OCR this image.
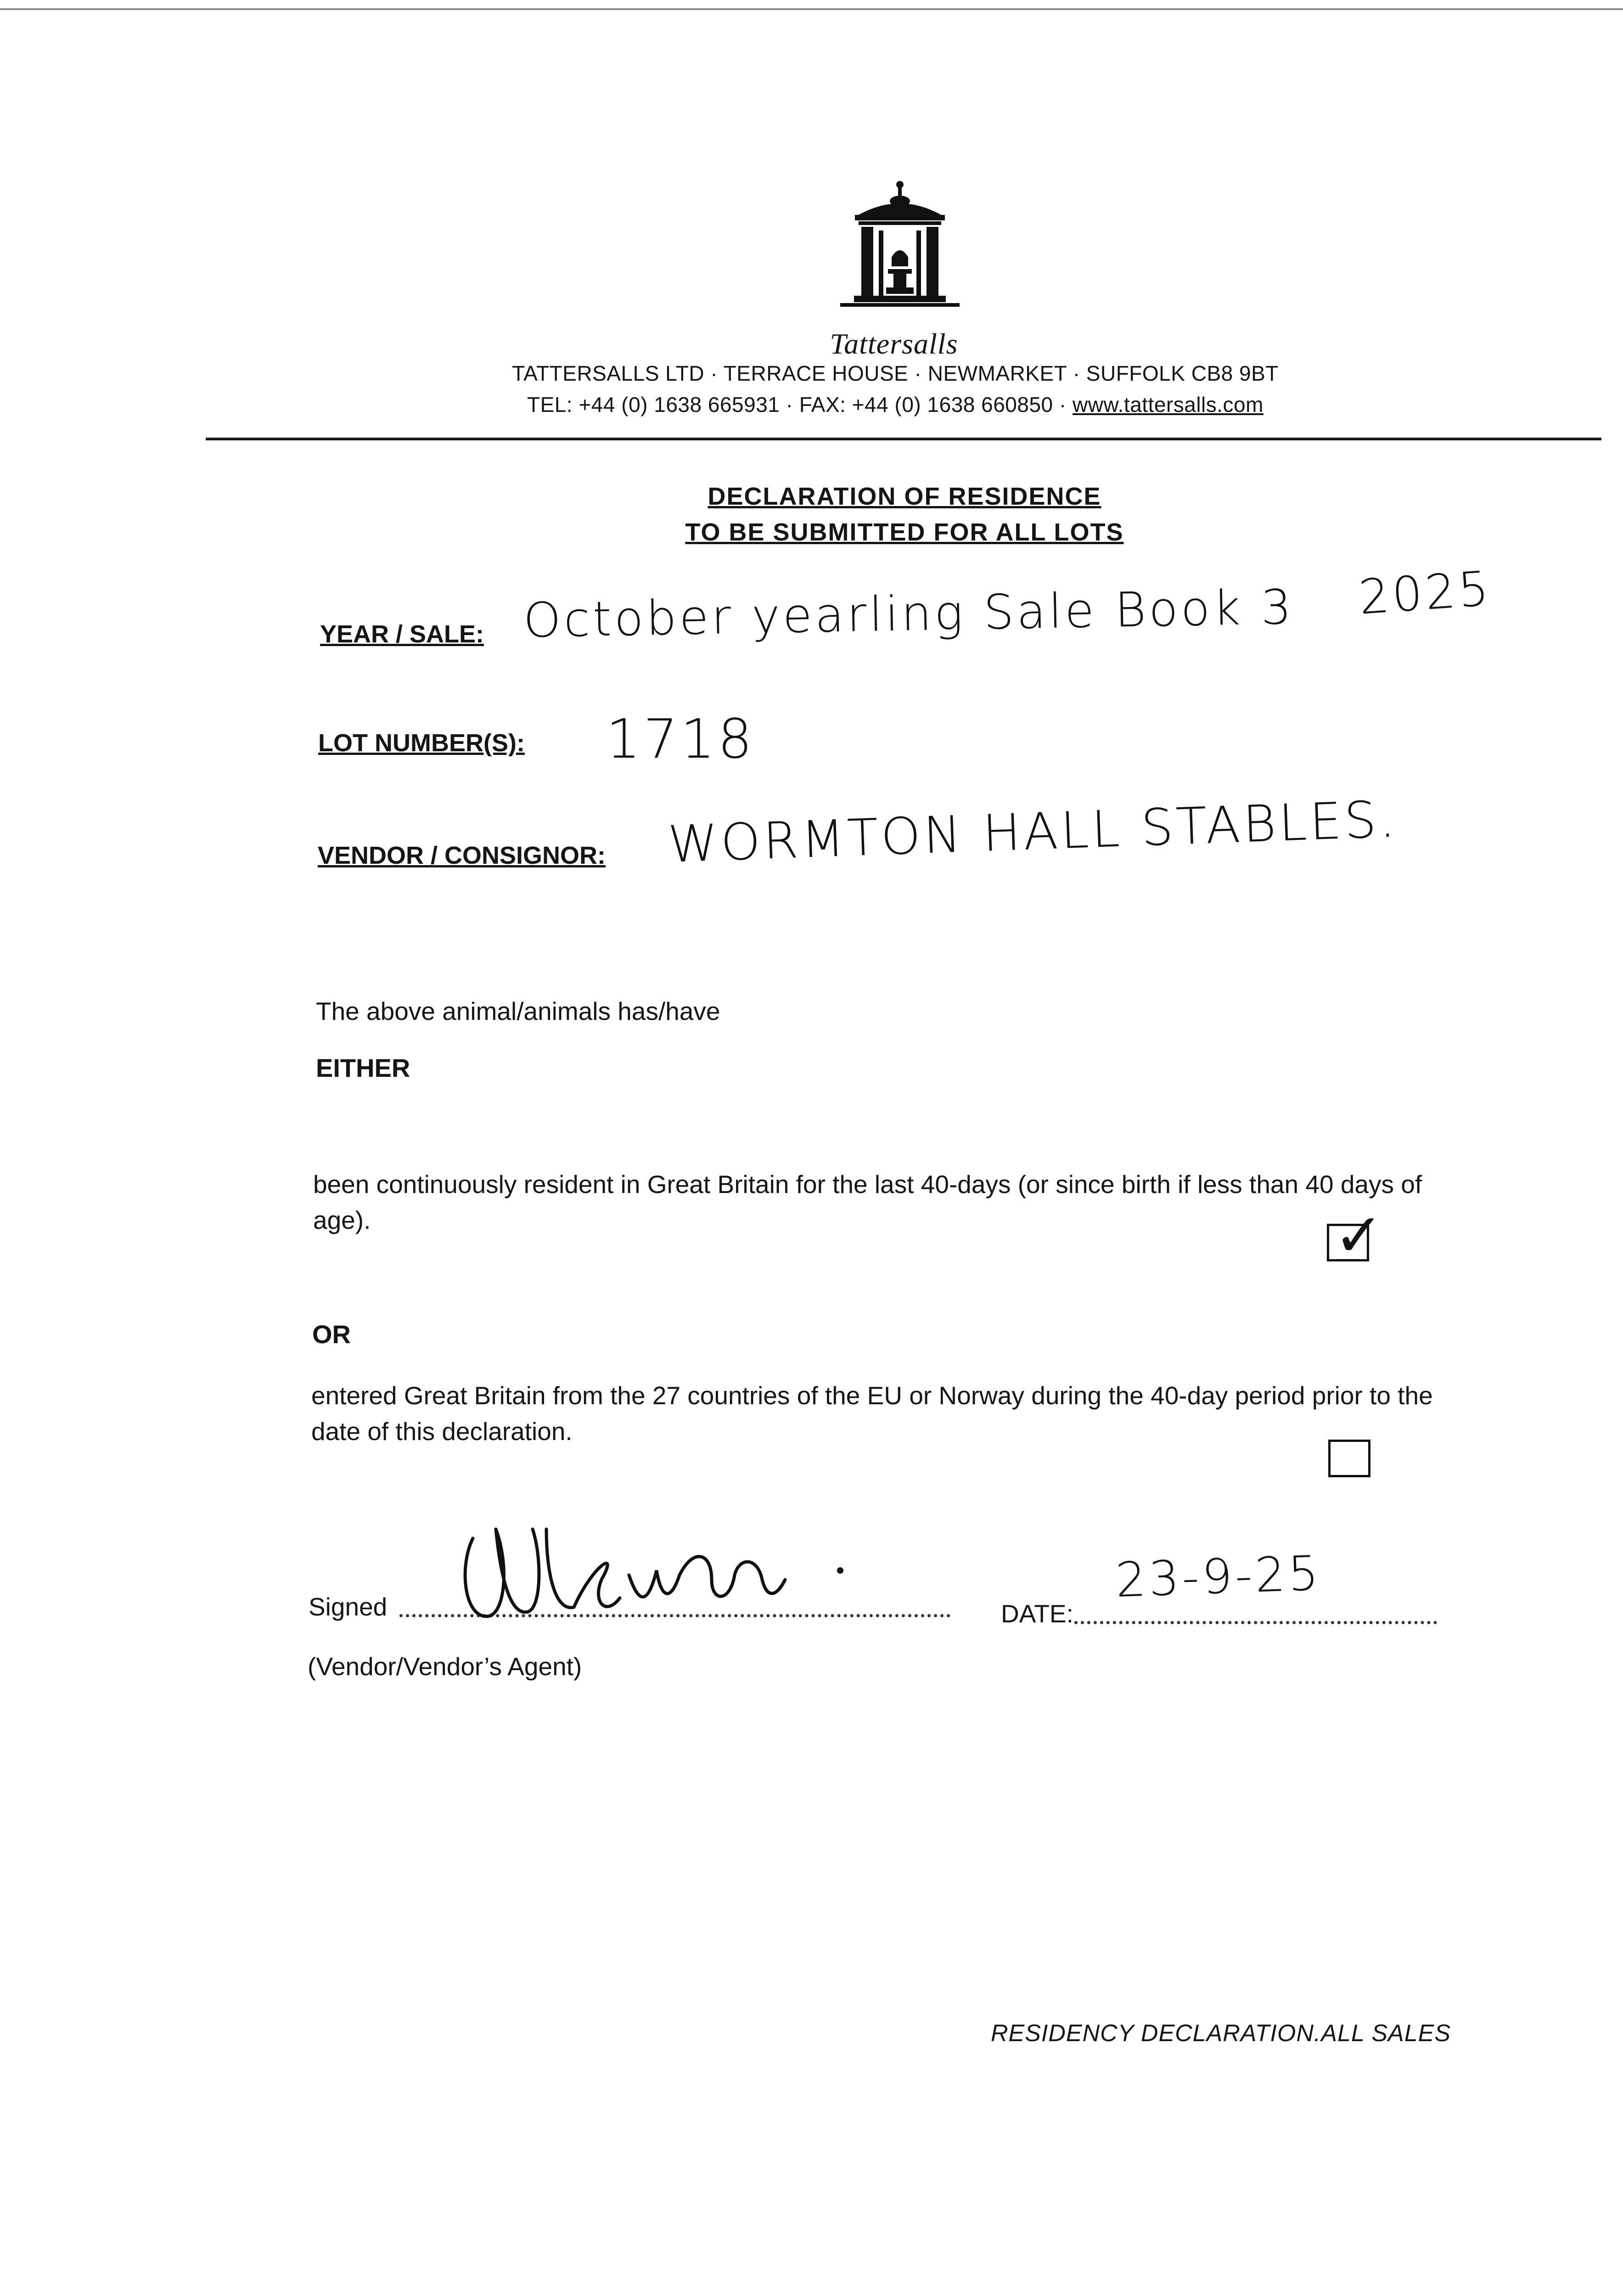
Tattersalls
TATTERSALLS LTD · TERRACE HOUSE · NEWMARKET · SUFFOLK CB8 9BT
TEL: +44 (0) 1638 665931 · FAX: +44 (0) 1638 660850 · www.tattersalls.com
DECLARATION OF RESIDENCE
TO BE SUBMITTED FOR ALL LOTS
YEAR / SALE: October yearling Sale Book 3 2025
LOT NUMBER(S): 1718
VENDOR / CONSIGNOR: WORMTON HALL STABLES.
The above animal/animals has/have
EITHER
been continuously resident in Great Britain for the last 40-days (or since birth if less than 40 days of age).	✓
OR
entered Great Britain from the 27 countries of the EU or Norway during the 40-day period prior to the date of this declaration.
Signed	DATE:
23-9-25
(Vendor/Vendor’s Agent)
RESIDENCY DECLARATION.ALL SALES
